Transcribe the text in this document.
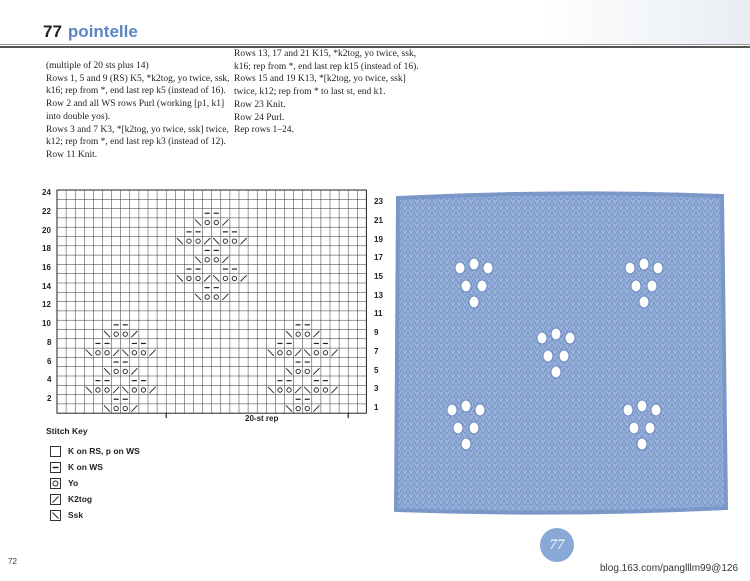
77 pointelle

(multiple of 20 sts plus 14)

Rows 1, 5 and 9 (RS) K5, *k2tog, yo twice, ssk, k16; rep from *, end last rep k5 (instead of 16).

Row 2 and all WS rows Purl (working [p1, k1] into double yos).

Rows 3 and 7 K3, *[k2tog, yo twice, ssk] twice, k12; rep from *, end last rep k3 (instead of 12).

Row 11 Knit.

Rows 13, 17 and 21 K15, *k2tog, yo twice, ssk, k16; rep from *, end last rep k15 (instead of 16).

Rows 15 and 19 K13, *[k2tog, yo twice, ssk] twice, k12; rep from * to last st, end k1.

Row 23 Knit.

Row 24 Purl.

Rep rows 1–24.

24
22
20
18
16
14
12
10
8
6
4
2
23
21
19
17
15
13
11
9
7
5
3
1
20-st rep
Stitch Key
K on RS, p on WS
K on WS
Yo
K2tog
Ssk
72
77
blog.163.com/panglllm99@126
